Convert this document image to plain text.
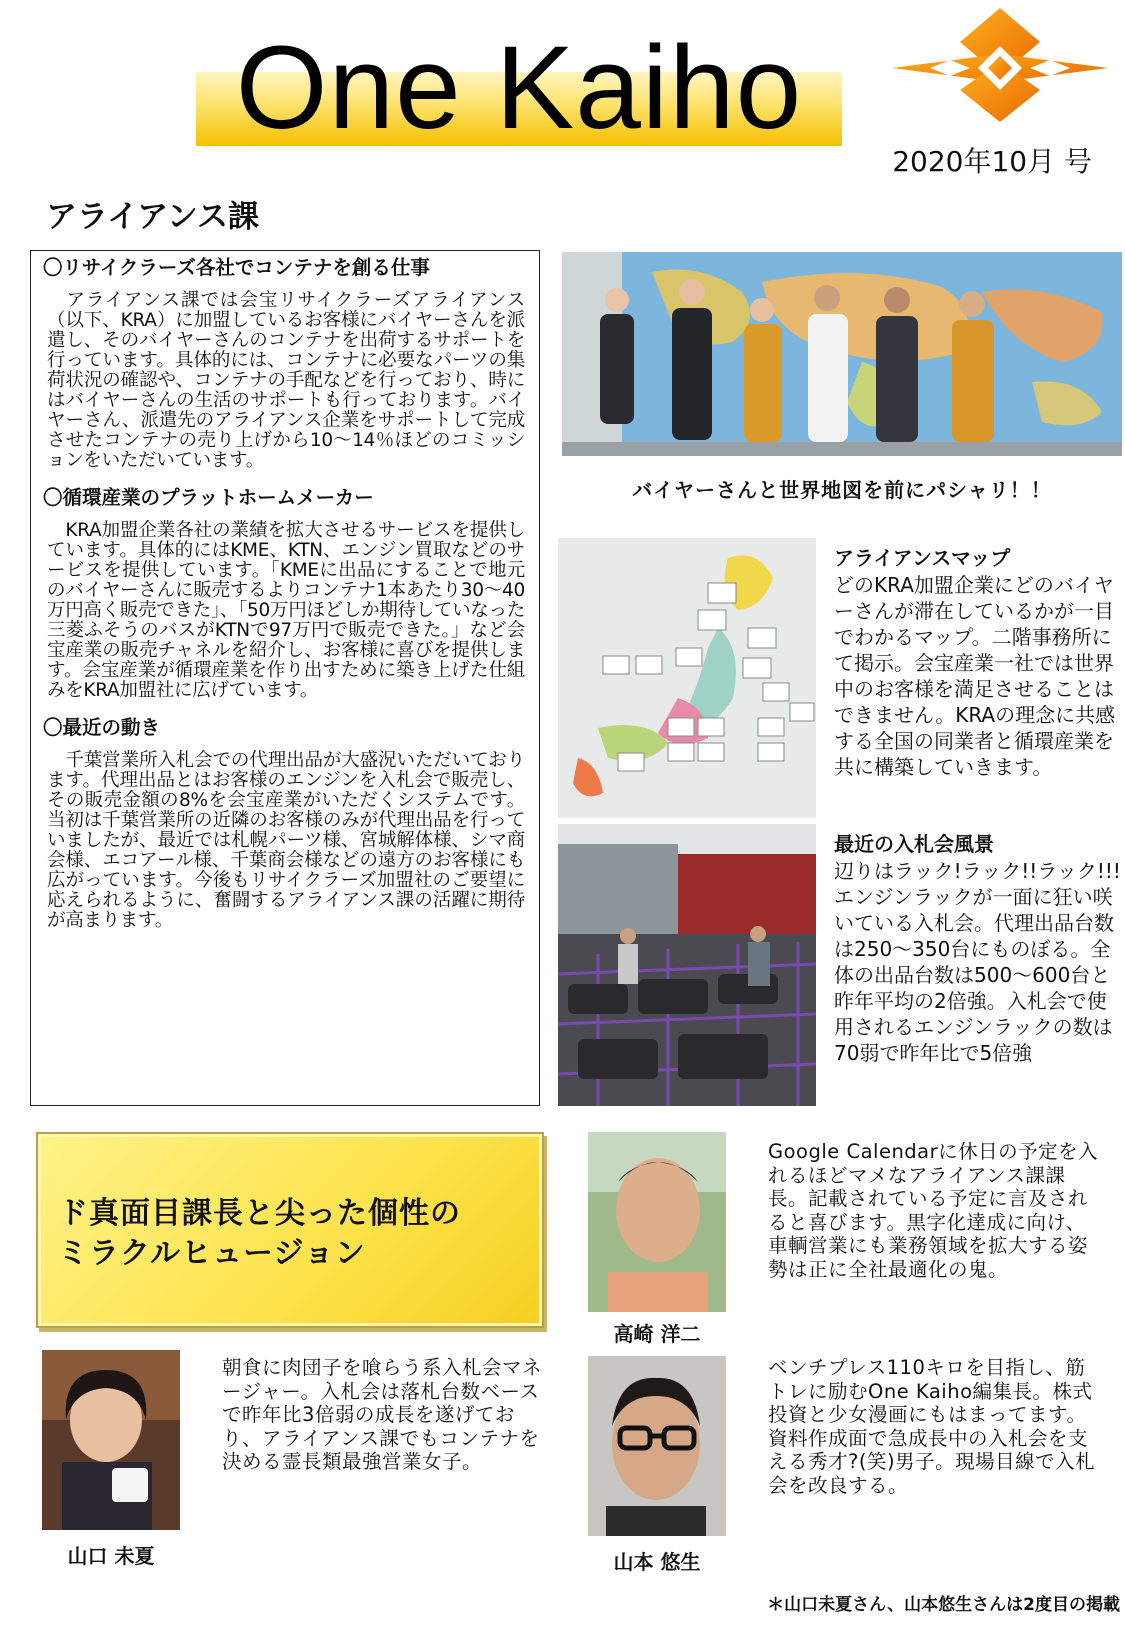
One Kaiho
2020年10月 号
アライアンス課
〇リサイクラーズ各社でコンテナを創る仕事
　アライアンス課では会宝リサイクラーズアライアンス（以下、KRA）に加盟しているお客様にバイヤーさんを派遣し、そのバイヤーさんのコンテナを出荷するサポートを行っています。具体的には、コンテナに必要なパーツの集荷状況の確認や、コンテナの手配などを行っており、時にはバイヤーさんの生活のサポートも行っております。バイヤーさん、派遣先のアライアンス企業をサポートして完成させたコンテナの売り上げから10～14％ほどのコミッションをいただいています。
〇循環産業のプラットホームメーカー
　KRA加盟企業各社の業績を拡大させるサービスを提供しています。具体的にはKME、KTN、エンジン買取などのサービスを提供しています。「KMEに出品にすることで地元のバイヤーさんに販売するよりコンテナ1本あたり30～40万円高く販売できた」、「50万円ほどしか期待していなった三菱ふそうのバスがKTNで97万円で販売できた。」など会宝産業の販売チャネルを紹介し、お客様に喜びを提供します。会宝産業が循環産業を作り出すために築き上げた仕組みをKRA加盟社に広げています。
〇最近の動き
　千葉営業所入札会での代理出品が大盛況いただいております。代理出品とはお客様のエンジンを入札会で販売し、その販売金額の8%を会宝産業がいただくシステムです。当初は千葉営業所の近隣のお客様のみが代理出品を行っていましたが、最近では札幌パーツ様、宮城解体様、シマ商会様、エコアール様、千葉商会様などの遠方のお客様にも広がっています。今後もリサイクラーズ加盟社のご要望に応えられるように、奮闘するアライアンス課の活躍に期待が高まります。
バイヤーさんと世界地図を前にパシャリ！！
アライアンスマップ
どのKRA加盟企業にどのバイヤーさんが滞在しているかが一目でわかるマップ。二階事務所にて掲示。会宝産業一社では世界中のお客様を満足させることはできません。KRAの理念に共感する全国の同業者と循環産業を共に構築していきます。
最近の入札会風景
辺りはラック!ラック!!ラック!!!エンジンラックが一面に狂い咲いている入札会。代理出品台数は250～350台にものぼる。全体の出品台数は500～600台と昨年平均の2倍強。入札会で使用されるエンジンラックの数は70弱で昨年比で5倍強
ド真面目課長と尖った個性の
ミラクルヒュージョン
高崎 洋二
Google Calendarに休日の予定を入れるほどマメなアライアンス課課長。記載されている予定に言及されると喜びます。黒字化達成に向け、車輌営業にも業務領域を拡大する姿勢は正に全社最適化の鬼。
山口 未夏
朝食に肉団子を喰らう系入札会マネージャー。入札会は落札台数ベースで昨年比3倍弱の成長を遂げており、アライアンス課でもコンテナを決める霊長類最強営業女子。
山本 悠生
ベンチプレス110キロを目指し、筋トレに励むOne Kaiho編集長。株式投資と少女漫画にもはまってます。資料作成面で急成長中の入札会を支える秀才?(笑)男子。現場目線で入札会を改良する。
＊山口未夏さん、山本悠生さんは2度目の掲載
